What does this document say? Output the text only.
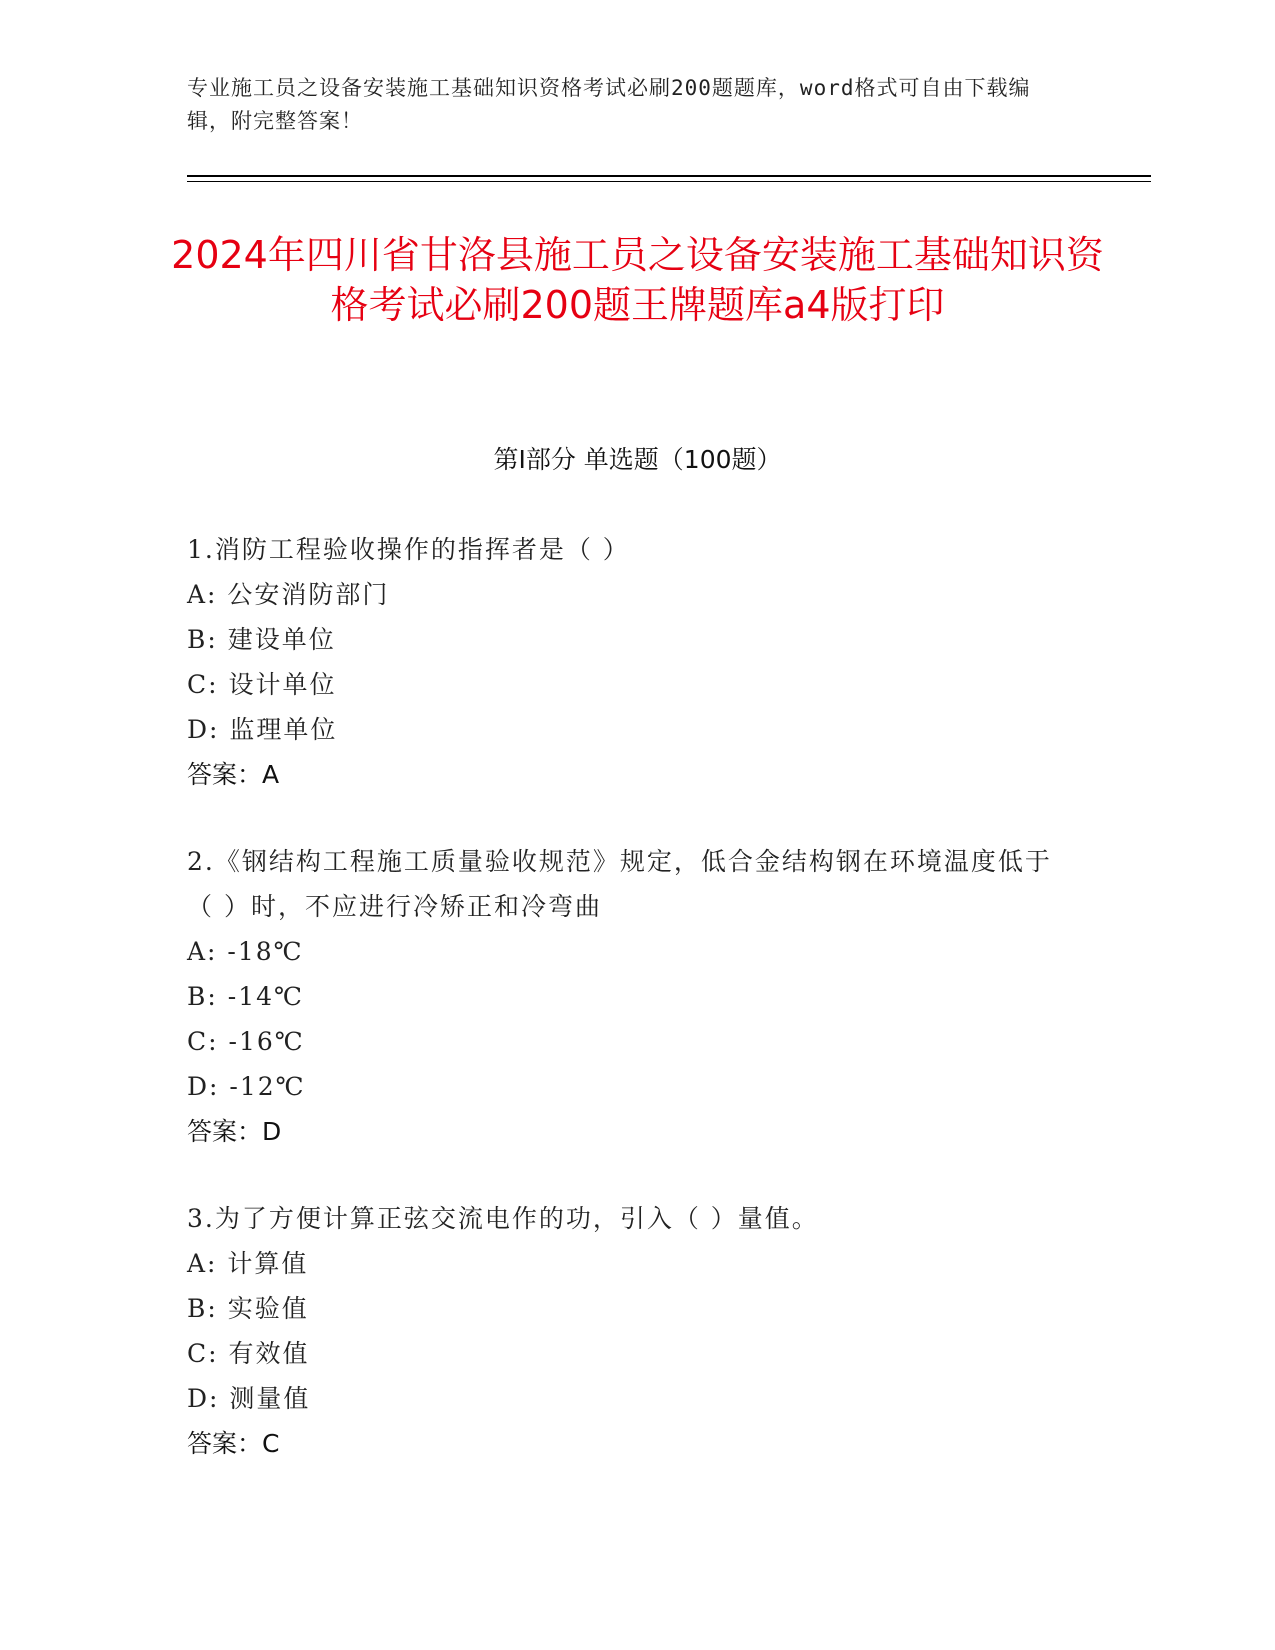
专业施工员之设备安装施工基础知识资格考试必刷200题题库，word格式可自由下载编辑，附完整答案！
2024年四川省甘洛县施工员之设备安装施工基础知识资格考试必刷200题王牌题库a4版打印
第I部分 单选题（100题）
1.消防工程验收操作的指挥者是（ ）
A: 公安消防部门
B: 建设单位
C: 设计单位
D: 监理单位
答案：A
2.《钢结构工程施工质量验收规范》规定，低合金结构钢在环境温度低于（ ）时，不应进行冷矫正和冷弯曲
A: -18℃
B: -14℃
C: -16℃
D: -12℃
答案：D
3.为了方便计算正弦交流电作的功，引入（ ）量值。
A: 计算值
B: 实验值
C: 有效值
D: 测量值
答案：C
